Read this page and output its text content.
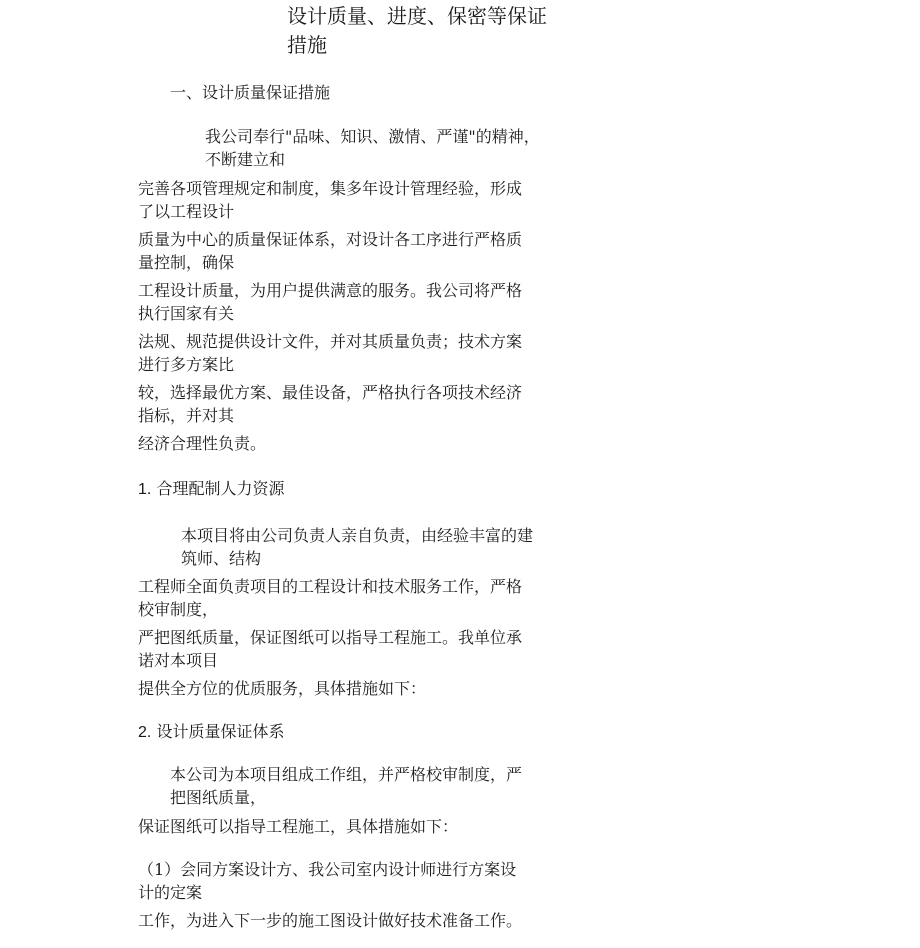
设计质量、进度、保密等保证
措施
一、设计质量保证措施
我公司奉行"品味、知识、激情、严谨"的精神，
不断建立和
完善各项管理规定和制度，集多年设计管理经验，形成
了以工程设计
质量为中心的质量保证体系，对设计各工序进行严格质
量控制，确保
工程设计质量，为用户提供满意的服务。我公司将严格
执行国家有关
法规、规范提供设计文件，并对其质量负责；技术方案
进行多方案比
较，选择最优方案、最佳设备，严格执行各项技术经济
指标，并对其
经济合理性负责。
1. 合理配制人力资源
本项目将由公司负责人亲自负责，由经验丰富的建
筑师、结构
工程师全面负责项目的工程设计和技术服务工作，严格
校审制度，
严把图纸质量，保证图纸可以指导工程施工。我单位承
诺对本项目
提供全方位的优质服务，具体措施如下：
2. 设计质量保证体系
本公司为本项目组成工作组，并严格校审制度，严
把图纸质量，
保证图纸可以指导工程施工，具体措施如下：
（1）会同方案设计方、我公司室内设计师进行方案设
计的定案
工作，为进入下一步的施工图设计做好技术准备工作。
